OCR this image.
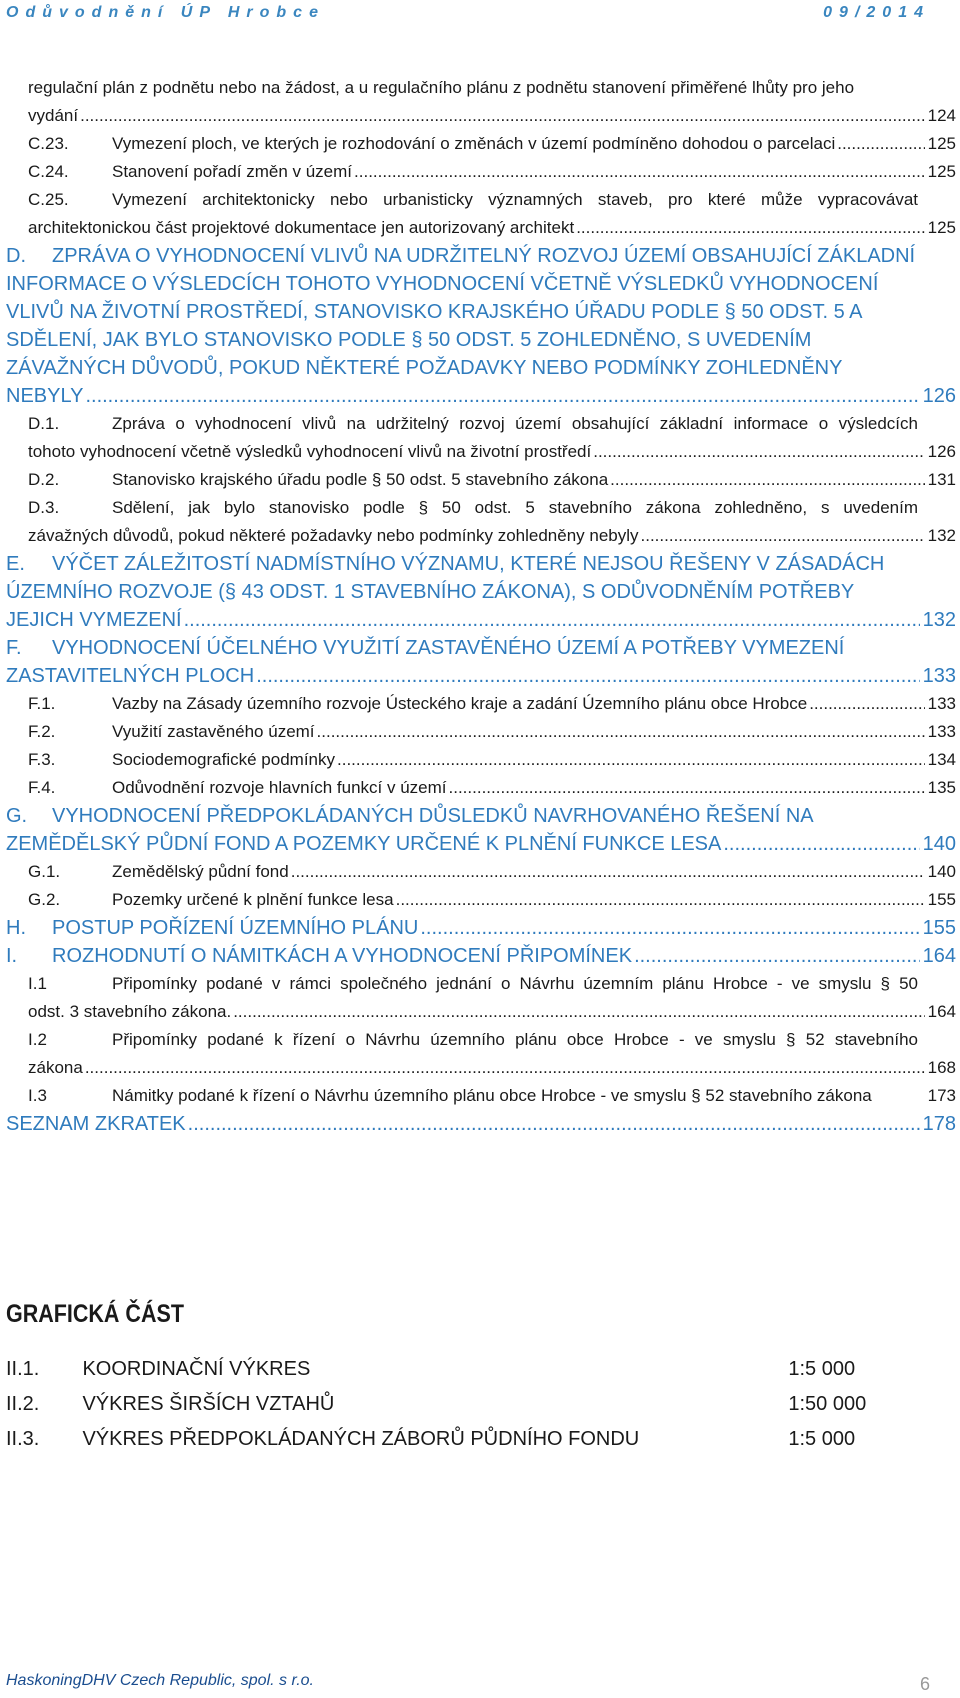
Odůvodnění ÚP Hrobce	09/2014
regulační plán z podnětu nebo na žádost, a u regulačního plánu z podnětu stanovení přiměřené lhůty pro jeho
vydání .....	124
C.23.	Vymezení ploch, ve kterých je rozhodování o změnách v území podmíněno dohodou o parcelaci .....	125
C.24.	Stanovení pořadí změn v území .....	125
C.25.	Vymezení architektonicky nebo urbanisticky významných staveb, pro které může vypracovávat
architektonickou část projektové dokumentace jen autorizovaný architekt .....	125
D.	ZPRÁVA O VYHODNOCENÍ VLIVŮ NA UDRŽITELNÝ ROZVOJ ÚZEMÍ OBSAHUJÍCÍ ZÁKLADNÍ
INFORMACE O VÝSLEDCÍCH TOHOTO VYHODNOCENÍ VČETNĚ VÝSLEDKŮ VYHODNOCENÍ
VLIVŮ NA ŽIVOTNÍ PROSTŘEDÍ, STANOVISKO KRAJSKÉHO ÚŘADU PODLE § 50 ODST. 5 A
SDĚLENÍ, JAK BYLO STANOVISKO PODLE § 50 ODST. 5 ZOHLEDNĚNO, S UVEDENÍM
ZÁVAŽNÝCH DŮVODŮ, POKUD NĚKTERÉ POŽADAVKY NEBO PODMÍNKY ZOHLEDNĚNY
NEBYLY .....	126
D.1.	Zpráva o vyhodnocení vlivů na udržitelný rozvoj území obsahující základní informace o výsledcích
tohoto vyhodnocení včetně výsledků vyhodnocení vlivů na životní prostředí .....	126
D.2.	Stanovisko krajského úřadu podle § 50 odst. 5 stavebního zákona .....	131
D.3.	Sdělení, jak bylo stanovisko podle § 50 odst. 5 stavebního zákona zohledněno, s uvedením
závažných důvodů, pokud některé požadavky nebo podmínky zohledněny nebyly .....	132
E.	VÝČET ZÁLEŽITOSTÍ NADMÍSTNÍHO VÝZNAMU, KTERÉ NEJSOU ŘEŠENY V ZÁSADÁCH
ÚZEMNÍHO ROZVOJE (§ 43 ODST. 1 STAVEBNÍHO ZÁKONA), S ODŮVODNĚNÍM POTŘEBY
JEJICH VYMEZENÍ .....	132
F.	VYHODNOCENÍ ÚČELNÉHO VYUŽITÍ ZASTAVĚNÉHO ÚZEMÍ A POTŘEBY VYMEZENÍ
ZASTAVITELNÝCH PLOCH .....	133
F.1.	Vazby na Zásady územního rozvoje Ústeckého kraje a zadání Územního plánu obce Hrobce .....	133
F.2.	Využití zastavěného území .....	133
F.3.	Sociodemografické podmínky .....	134
F.4.	Odůvodnění rozvoje hlavních funkcí v území .....	135
G.	VYHODNOCENÍ PŘEDPOKLÁDANÝCH DŮSLEDKŮ NAVRHOVANÉHO ŘEŠENÍ NA
ZEMĚDĚLSKÝ PŮDNÍ FOND A POZEMKY URČENÉ K PLNĚNÍ FUNKCE LESA .....	140
G.1.	Zemědělský půdní fond .....	140
G.2.	Pozemky určené k plnění funkce lesa .....	155
H.	POSTUP POŘÍZENÍ ÚZEMNÍHO PLÁNU .....	155
I.	ROZHODNUTÍ O NÁMITKÁCH A VYHODNOCENÍ PŘIPOMÍNEK .....	164
I.1	Připomínky podané v rámci společného jednání o Návrhu územním plánu Hrobce - ve smyslu § 50
odst. 3 stavebního zákona. .....	164
I.2	Připomínky podané k řízení o Návrhu územního plánu obce Hrobce - ve smyslu § 52 stavebního
zákona .....	168
I.3	Námitky podané k řízení o Návrhu územního plánu obce Hrobce - ve smyslu § 52 stavebního zákona	173
SEZNAM ZKRATEK .....	178
GRAFICKÁ ČÁST
II.1.	KOORDINAČNÍ VÝKRES	1:5 000
II.2.	VÝKRES ŠIRŠÍCH VZTAHŮ	1:50 000
II.3.	VÝKRES PŘEDPOKLÁDANÝCH ZÁBORŮ PŮDNÍHO FONDU	1:5 000
HaskoningDHV Czech Republic, spol. s r.o.	6
